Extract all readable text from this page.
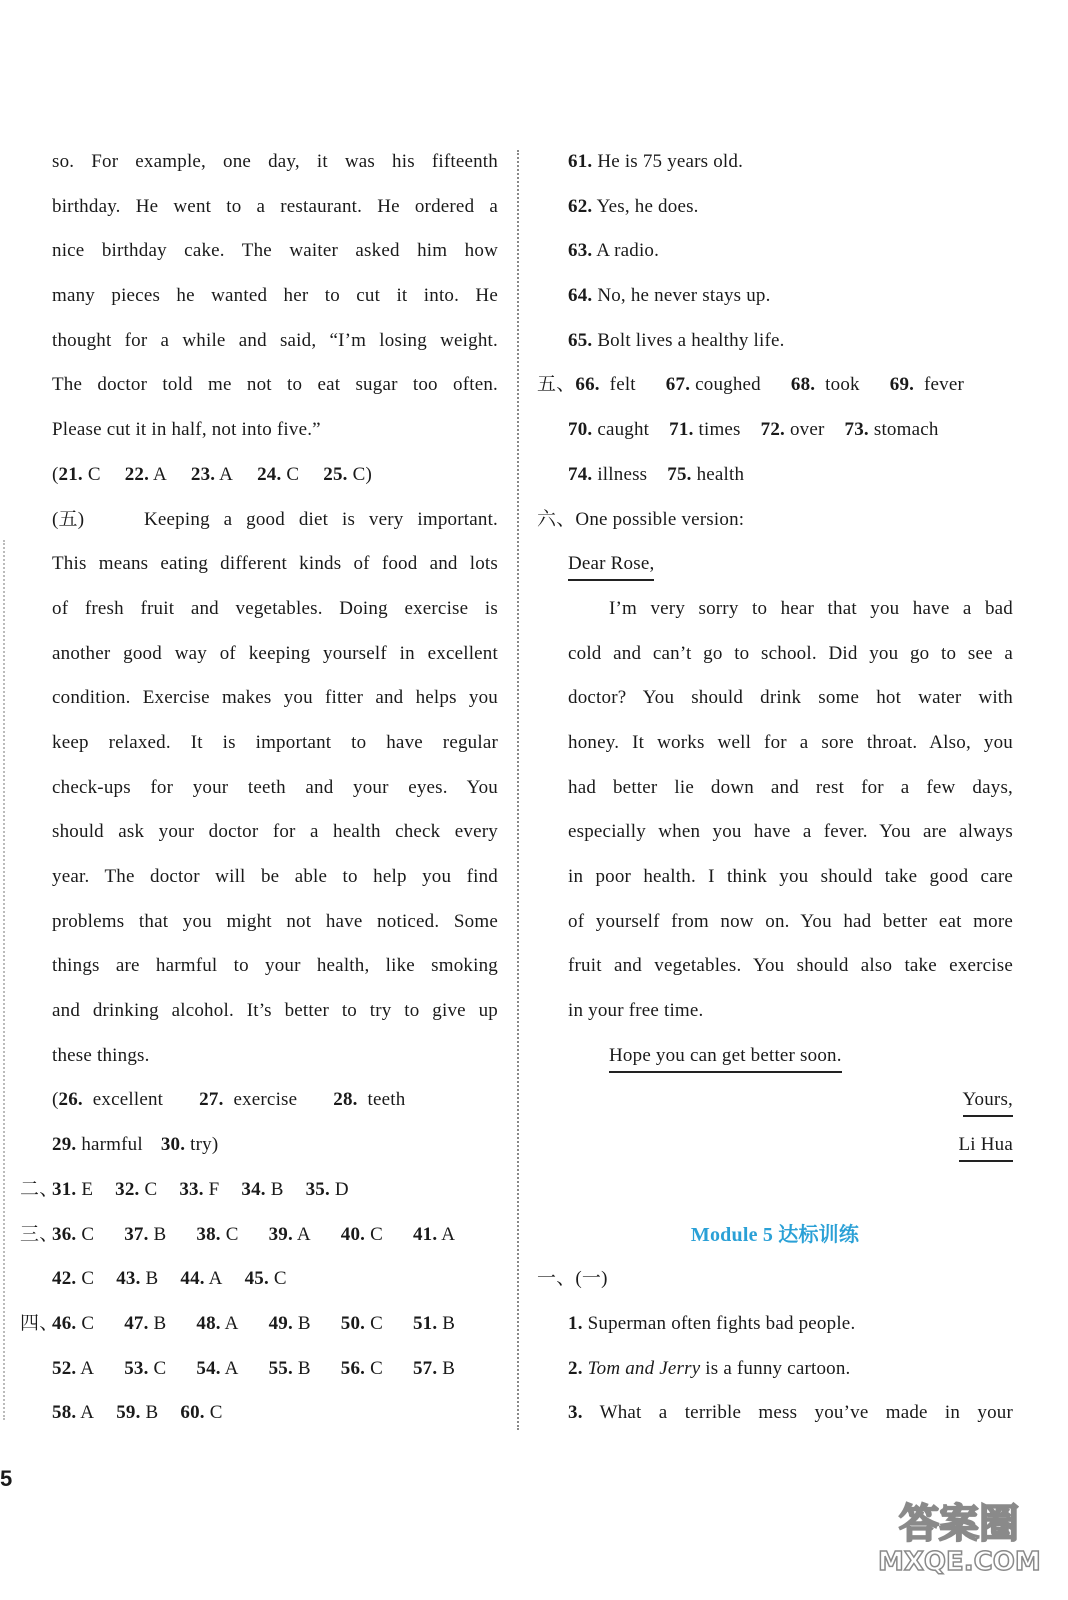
so. For example, one day, it was his fifteenth
birthday. He went to a restaurant. He ordered a
nice birthday cake. The waiter asked him how
many pieces he wanted her to cut it into. He
thought for a while and said, “I’m losing weight.
The doctor told me not to eat sugar too often.
Please cut it in half, not into five.”
(21. C 22. A 23. A 24. C 25. C)
(五)	Keeping a good diet is very important.
This means eating different kinds of food and lots
of fresh fruit and vegetables. Doing exercise is
another good way of keeping yourself in excellent
condition. Exercise makes you fitter and helps you
keep relaxed. It is important to have regular
check-ups for your teeth and your eyes. You
should ask your doctor for a health check every
year. The doctor will be able to help you find
problems that you might not have noticed. Some
things are harmful to your health, like smoking
and drinking alcohol. It’s better to try to give up
these things.
(26. excellent 27. exercise 28. teeth
29. harmful 30. try)
二、
31. E 32. C 33. F 34. B 35. D
三、
36. C 37. B 38. C 39. A 40. C 41. A
42. C 43. B 44. A 45. C
四、
46. C 47. B 48. A 49. B 50. C 51. B
52. A 53. C 54. A 55. B 56. C 57. B
58. A 59. B 60. C
61. He is 75 years old.
62. Yes, he does.
63. A radio.
64. No, he never stays up.
65. Bolt lives a healthy life.
五、66. felt 67. coughed 68. took 69. fever
70. caught 71. times 72. over 73. stomach
74. illness 75. health
六、One possible version:
Dear Rose,
I’m very sorry to hear that you have a bad
cold and can’t go to school. Did you go to see a
doctor? You should drink some hot water with
honey. It works well for a sore throat. Also, you
had better lie down and rest for a few days,
especially when you have a fever. You are always
in poor health. I think you should take good care
of yourself from now on. You had better eat more
fruit and vegetables. You should also take exercise
in your free time.
Hope you can get better soon.
Yours,
Li Hua
Module 5 达标训练
一、(一)
1. Superman often fights bad people.
2. Tom and Jerry is a funny cartoon.
3. What a terrible mess you’ve made in your
5
答案圈
MXQE.COM
